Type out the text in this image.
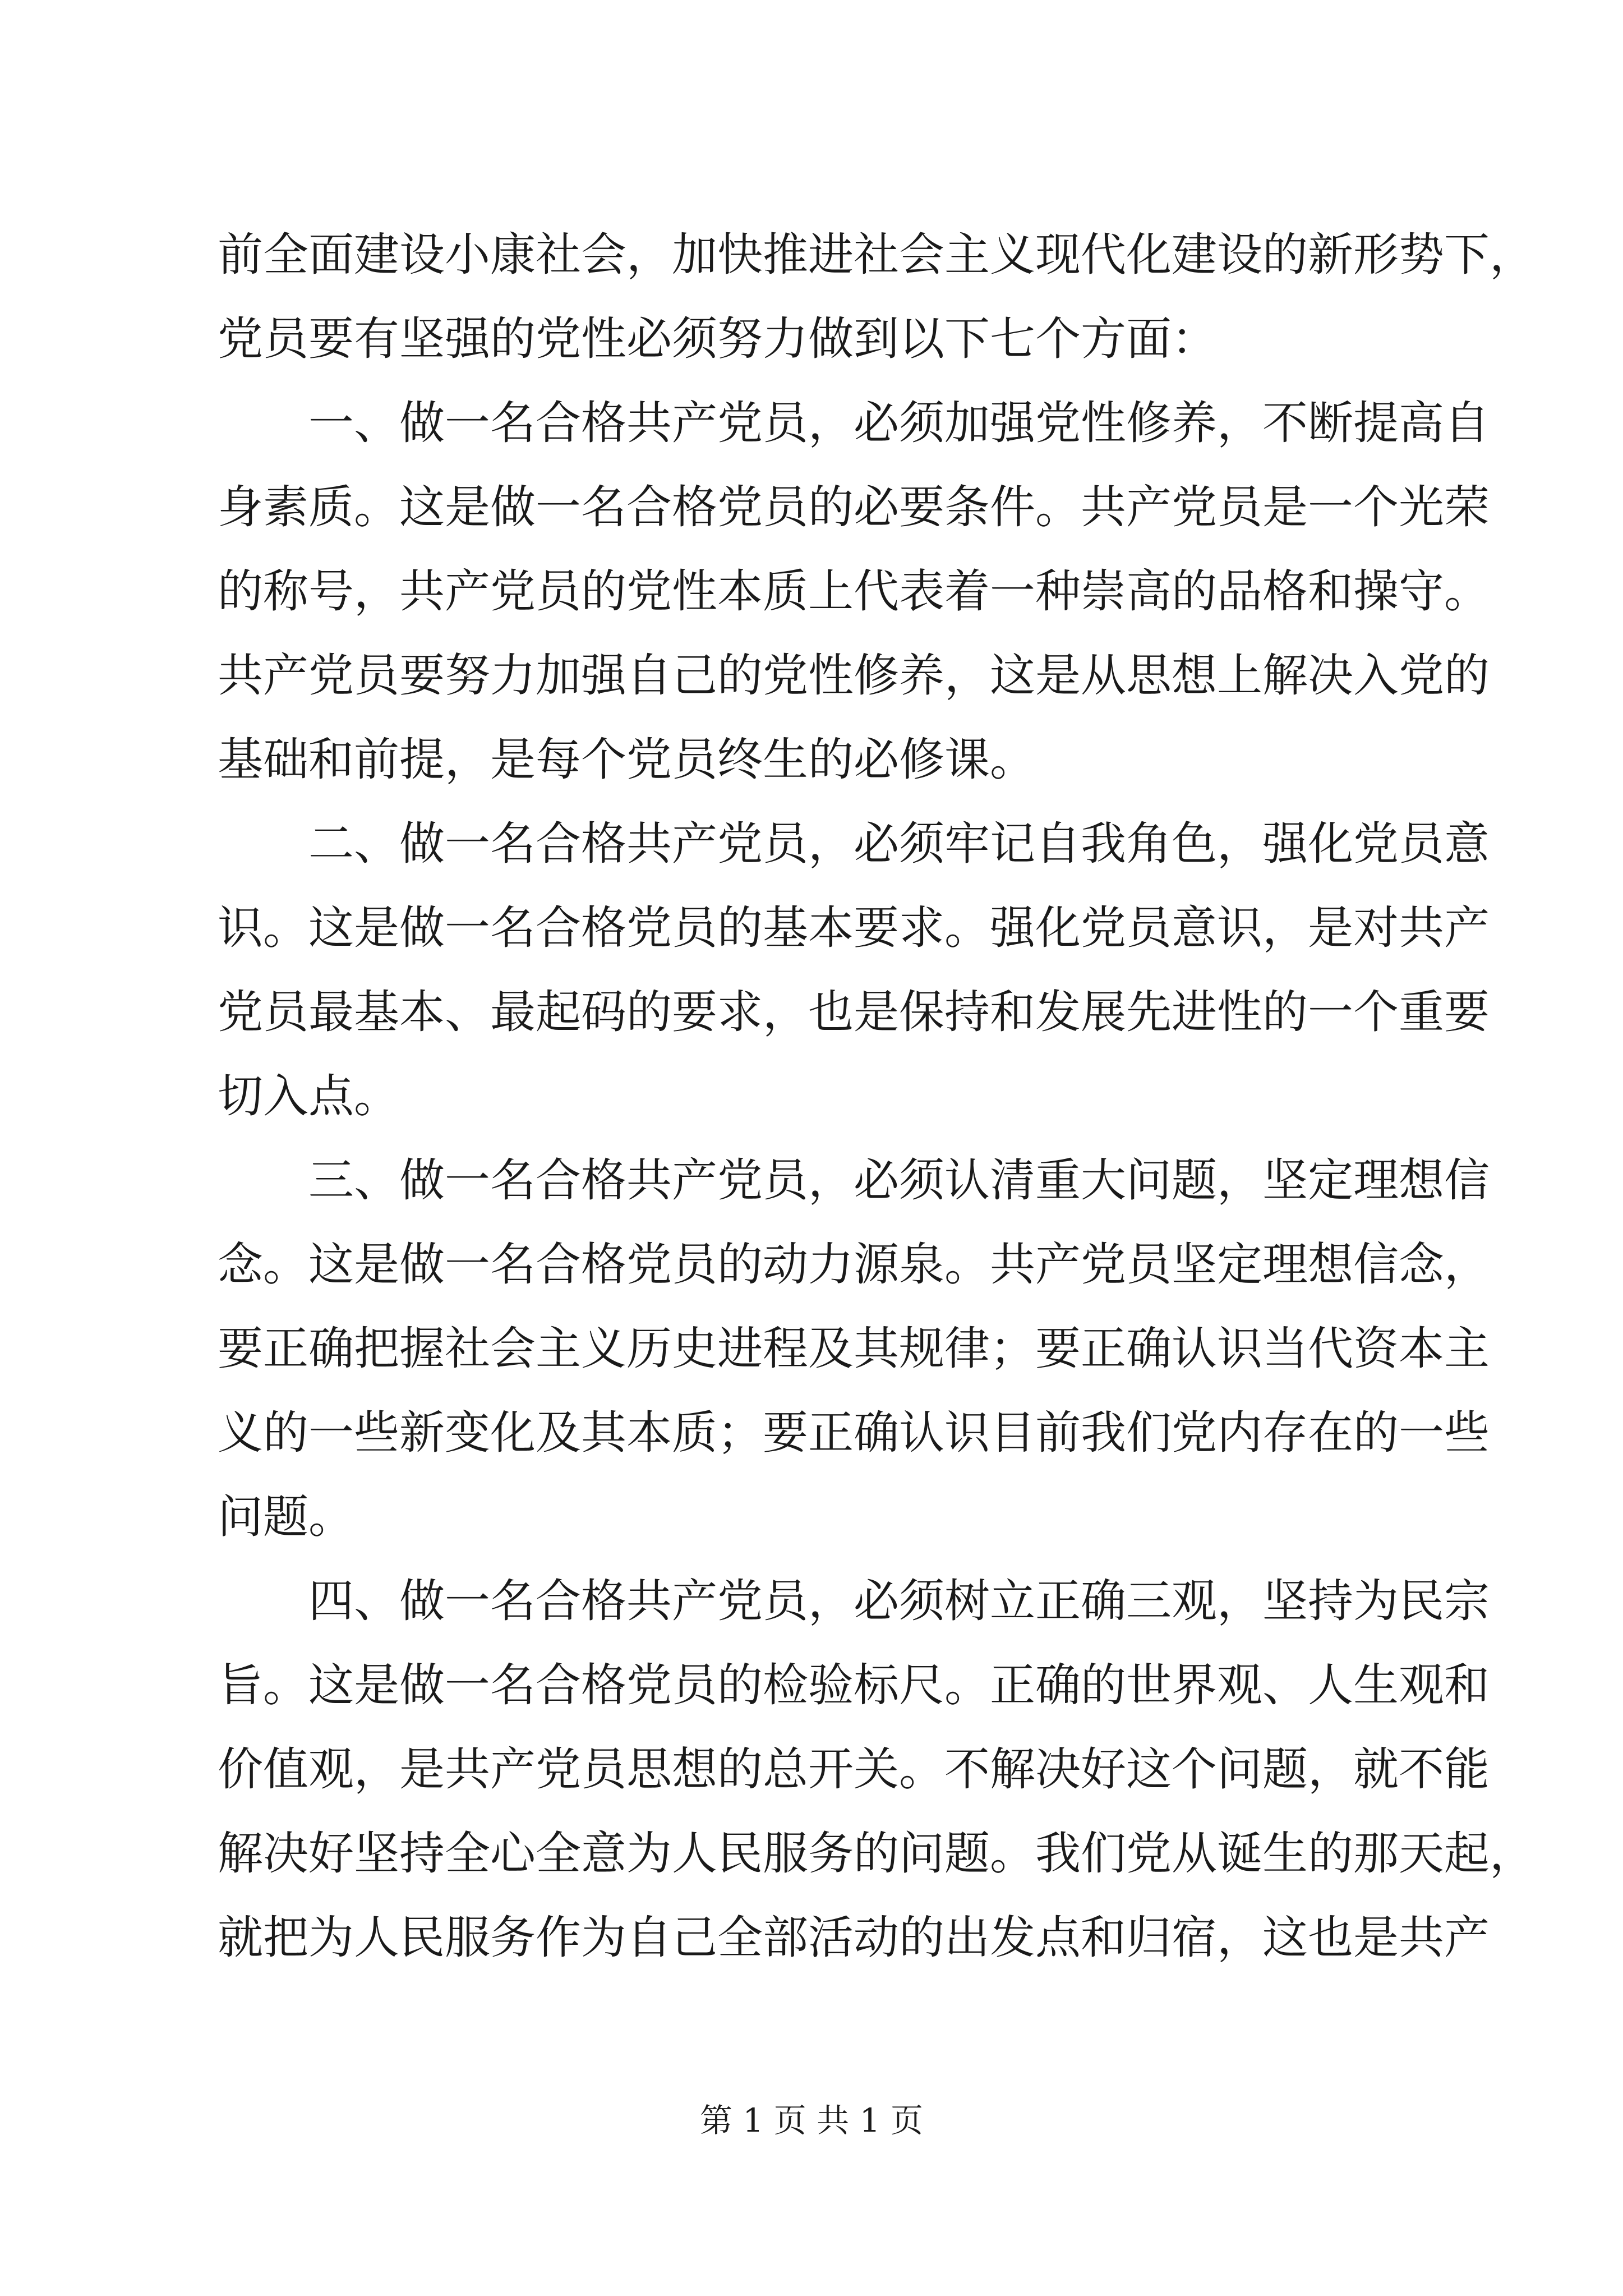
前全面建设小康社会，加快推进社会主义现代化建设的新形势下，
党员要有坚强的党性必须努力做到以下七个方面：
一、做一名合格共产党员，必须加强党性修养，不断提高自
身素质。这是做一名合格党员的必要条件。共产党员是一个光荣
的称号，共产党员的党性本质上代表着一种崇高的品格和操守。
共产党员要努力加强自己的党性修养，这是从思想上解决入党的
基础和前提，是每个党员终生的必修课。
二、做一名合格共产党员，必须牢记自我角色，强化党员意
识。这是做一名合格党员的基本要求。强化党员意识，是对共产
党员最基本、最起码的要求，也是保持和发展先进性的一个重要
切入点。
三、做一名合格共产党员，必须认清重大问题，坚定理想信
念。这是做一名合格党员的动力源泉。共产党员坚定理想信念，
要正确把握社会主义历史进程及其规律；要正确认识当代资本主
义的一些新变化及其本质；要正确认识目前我们党内存在的一些
问题。
四、做一名合格共产党员，必须树立正确三观，坚持为民宗
旨。这是做一名合格党员的检验标尺。正确的世界观、人生观和
价值观，是共产党员思想的总开关。不解决好这个问题，就不能
解决好坚持全心全意为人民服务的问题。我们党从诞生的那天起，
就把为人民服务作为自己全部活动的出发点和归宿，这也是共产
第 1 页 共 1 页
